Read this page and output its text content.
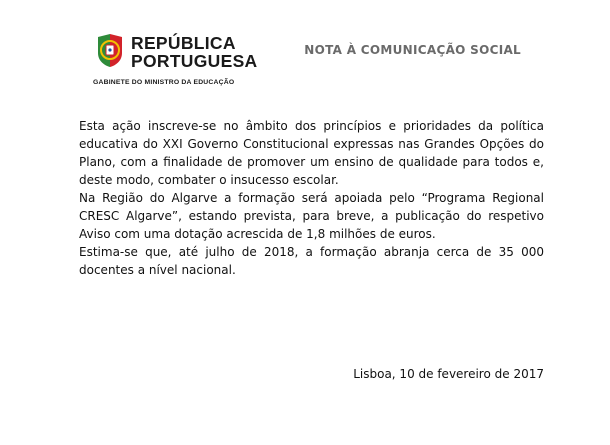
REPÚBLICA
PORTUGUESA
GABINETE DO MINISTRO DA EDUCAÇÃO
NOTA À COMUNICAÇÃO SOCIAL

Esta ação inscreve-se no âmbito dos princípios e prioridades da política educativa do XXI Governo Constitucional expressas nas Grandes Opções do Plano, com a finalidade de promover um ensino de qualidade para todos e, deste modo, combater o insucesso escolar.

Na Região do Algarve a formação será apoiada pelo “Programa Regional CRESC Algarve”, estando prevista, para breve, a publicação do respetivo Aviso com uma dotação acrescida de 1,8 milhões de euros.

Estima-se que, até julho de 2018, a formação abranja cerca de 35 000 docentes a nível nacional.

Lisboa, 10 de fevereiro de 2017
